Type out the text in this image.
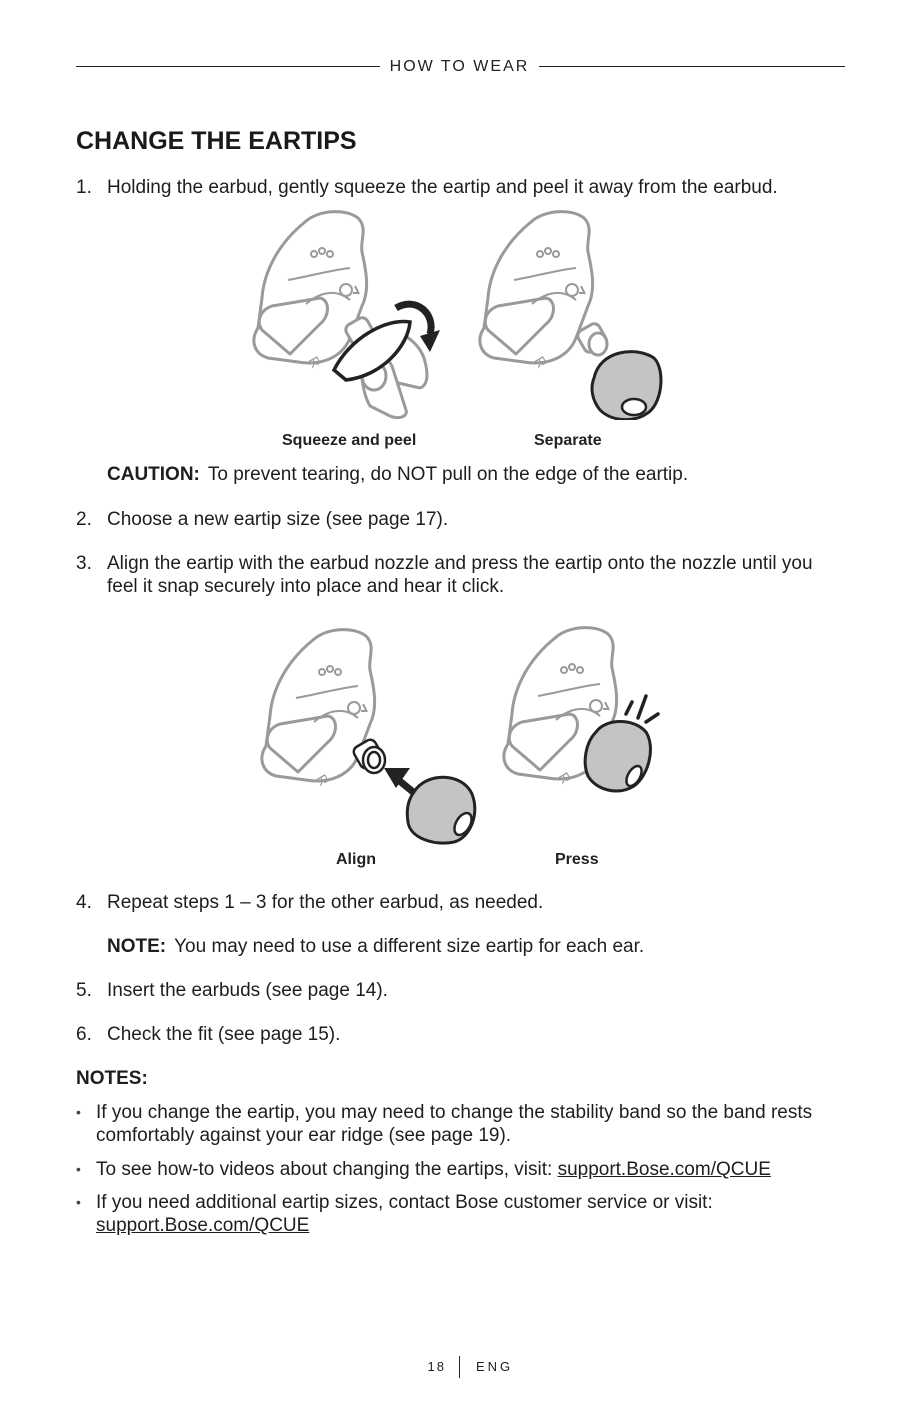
HOW TO WEAR
CHANGE THE EARTIPS
1. Holding the earbud, gently squeeze the eartip and peel it away from the earbud.
R	R
Squeeze and peel	Separate
CAUTION: To prevent tearing, do NOT pull on the edge of the eartip.
2. Choose a new eartip size (see page 17).
3. Align the eartip with the earbud nozzle and press the eartip onto the nozzle until you feel it snap securely into place and hear it click.
R	R
Align	Press
4. Repeat steps 1 – 3 for the other earbud, as needed.
NOTE: You may need to use a different size eartip for each ear.
5. Insert the earbuds (see page 14).
6. Check the fit (see page 15).
NOTES:
• If you change the eartip, you may need to change the stability band so the band rests comfortably against your ear ridge (see page 19).
• To see how-to videos about changing the eartips, visit: support.Bose.com/QCUE
• If you need additional eartip sizes, contact Bose customer service or visit:
support.Bose.com/QCUE
18 ENG
